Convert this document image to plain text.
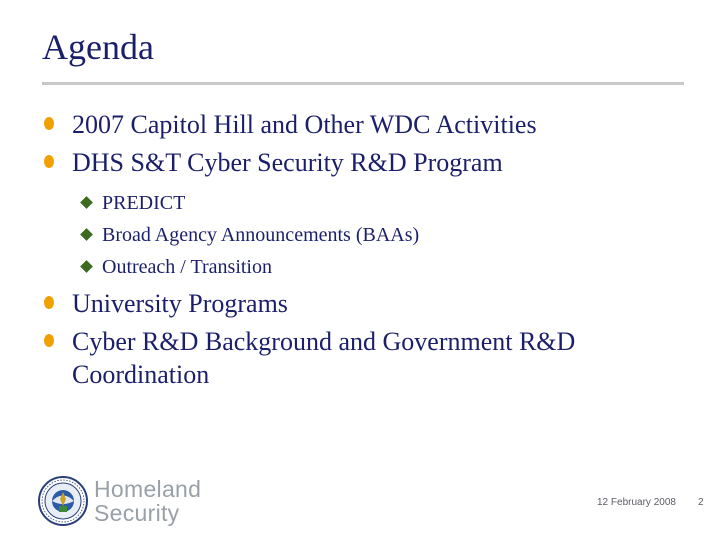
Agenda
2007 Capitol Hill and Other WDC Activities
DHS S&T Cyber Security R&D Program
PREDICT
Broad Agency Announcements (BAAs)
Outreach / Transition
University Programs
Cyber R&D Background and Government R&D Coordination
Homeland
Security	12 February 2008 2
